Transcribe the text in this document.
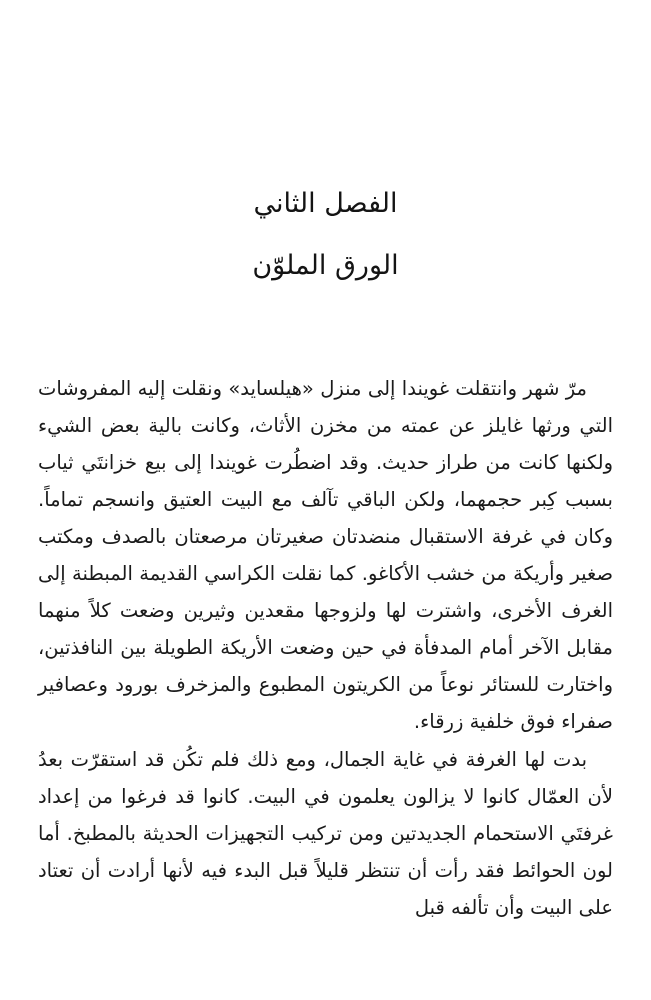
الفصل الثاني
الورق الملوّن

مرّ شهر وانتقلت غويندا إلى منزل «هيلسايد» ونقلت إليه المفروشات التي ورثها غايلز عن عمته من مخزن الأثاث، وكانت بالية بعض الشيء ولكنها كانت من طراز حديث. وقد اضطُرت غويندا إلى بيع خزانتَي ثياب بسبب كِبر حجمهما، ولكن الباقي تآلف مع البيت العتيق وانسجم تماماً. وكان في غرفة الاستقبال منضدتان صغيرتان مرصعتان بالصدف ومكتب صغير وأريكة من خشب الأكاغو. كما نقلت الكراسي القديمة المبطنة إلى الغرف الأخرى، واشترت لها ولزوجها مقعدين وثيرين وضعت كلاً منهما مقابل الآخر أمام المدفأة في حين وضعت الأريكة الطويلة بين النافذتين، واختارت للستائر نوعاً من الكريتون المطبوع والمزخرف بورود وعصافير صفراء فوق خلفية زرقاء.

بدت لها الغرفة في غاية الجمال، ومع ذلك فلم تكُن قد استقرّت بعدُ لأن العمّال كانوا لا يزالون يعلمون في البيت. كانوا قد فرغوا من إعداد غرفتَي الاستحمام الجديدتين ومن تركيب التجهيزات الحديثة بالمطبخ. أما لون الحوائط فقد رأت أن تنتظر قليلاً قبل البدء فيه لأنها أرادت أن تعتاد على البيت وأن تألفه قبل
